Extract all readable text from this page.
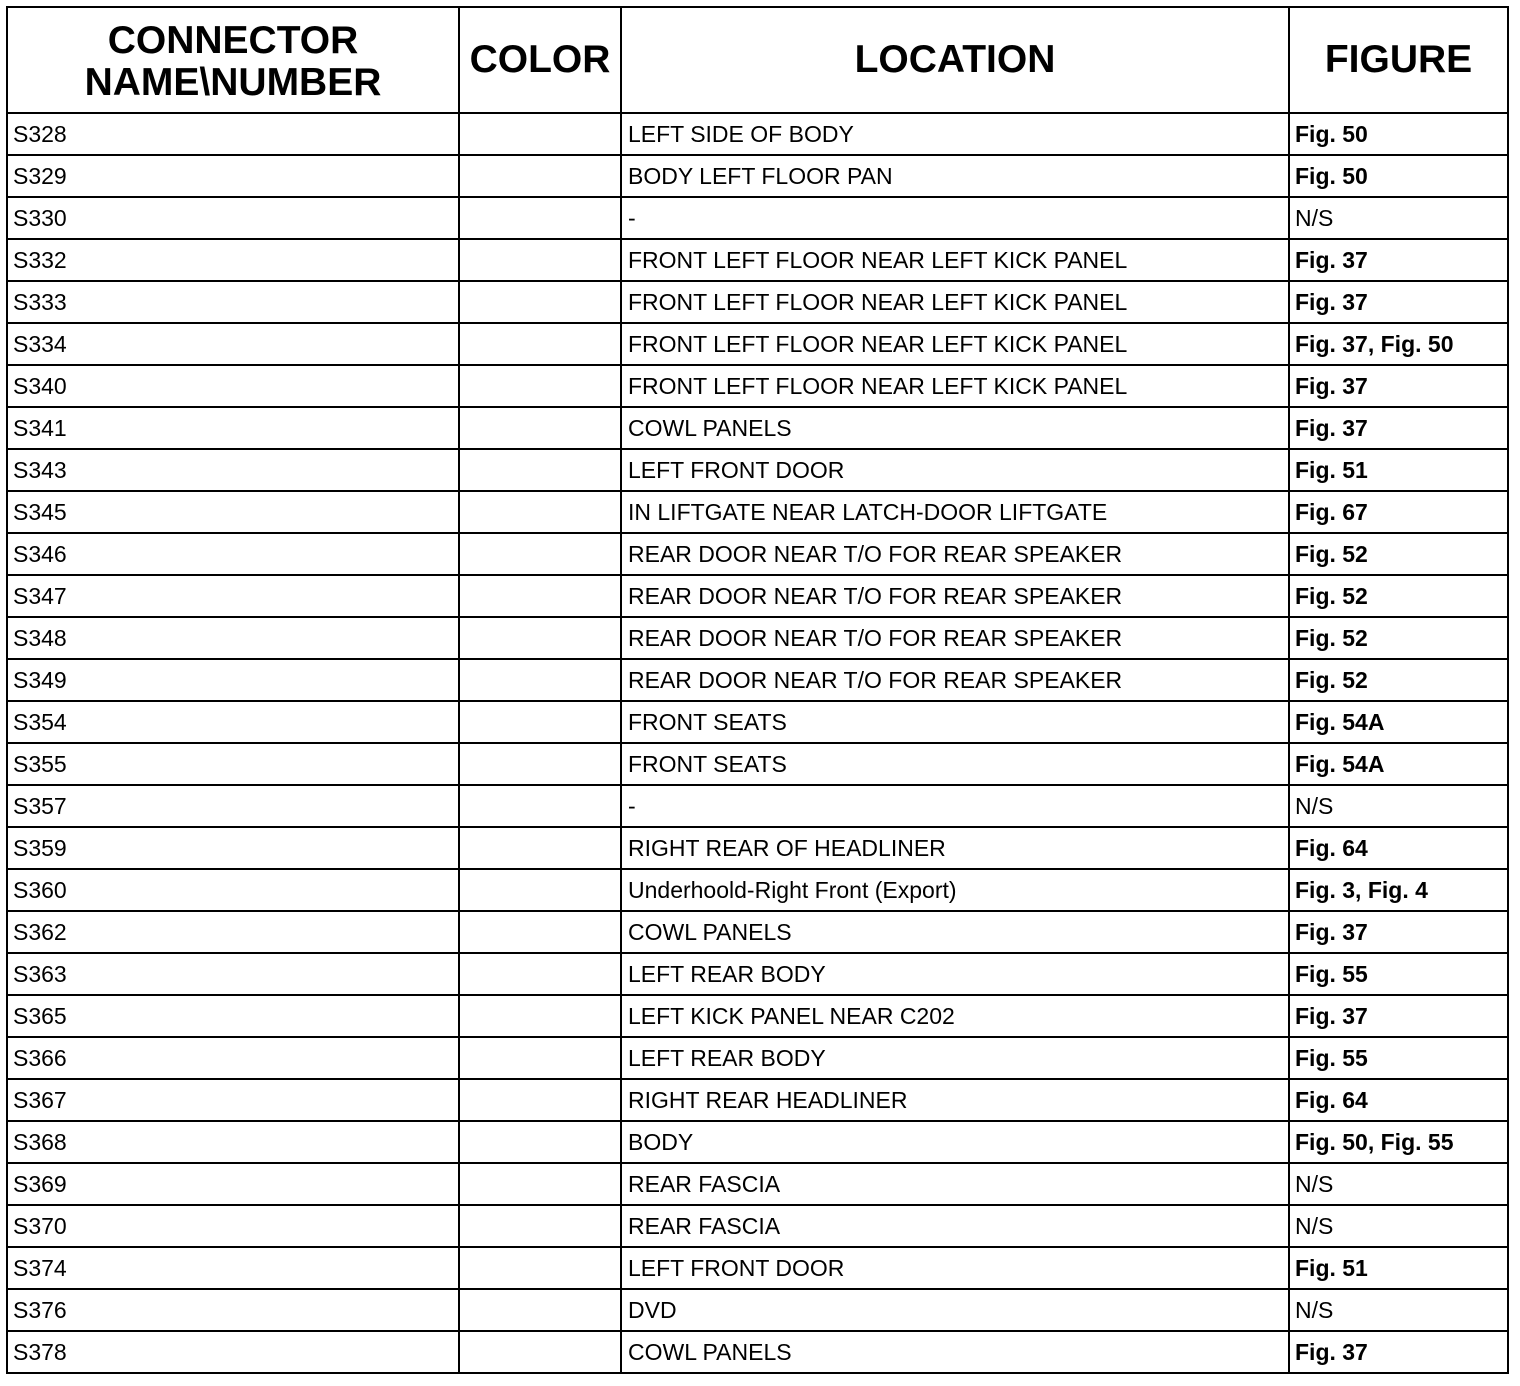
CONNECTOR
NAME\NUMBER	COLOR	LOCATION	FIGURE
S328		LEFT SIDE OF BODY	Fig. 50
S329		BODY LEFT FLOOR PAN	Fig. 50
S330		-	N/S
S332		FRONT LEFT FLOOR NEAR LEFT KICK PANEL	Fig. 37
S333		FRONT LEFT FLOOR NEAR LEFT KICK PANEL	Fig. 37
S334		FRONT LEFT FLOOR NEAR LEFT KICK PANEL	Fig. 37, Fig. 50
S340		FRONT LEFT FLOOR NEAR LEFT KICK PANEL	Fig. 37
S341		COWL PANELS	Fig. 37
S343		LEFT FRONT DOOR	Fig. 51
S345		IN LIFTGATE NEAR LATCH-DOOR LIFTGATE	Fig. 67
S346		REAR DOOR NEAR T/O FOR REAR SPEAKER	Fig. 52
S347		REAR DOOR NEAR T/O FOR REAR SPEAKER	Fig. 52
S348		REAR DOOR NEAR T/O FOR REAR SPEAKER	Fig. 52
S349		REAR DOOR NEAR T/O FOR REAR SPEAKER	Fig. 52
S354		FRONT SEATS	Fig. 54A
S355		FRONT SEATS	Fig. 54A
S357		-	N/S
S359		RIGHT REAR OF HEADLINER	Fig. 64
S360		Underhoold-Right Front (Export)	Fig. 3, Fig. 4
S362		COWL PANELS	Fig. 37
S363		LEFT REAR BODY	Fig. 55
S365		LEFT KICK PANEL NEAR C202	Fig. 37
S366		LEFT REAR BODY	Fig. 55
S367		RIGHT REAR HEADLINER	Fig. 64
S368		BODY	Fig. 50, Fig. 55
S369		REAR FASCIA	N/S
S370		REAR FASCIA	N/S
S374		LEFT FRONT DOOR	Fig. 51
S376		DVD	N/S
S378		COWL PANELS	Fig. 37
